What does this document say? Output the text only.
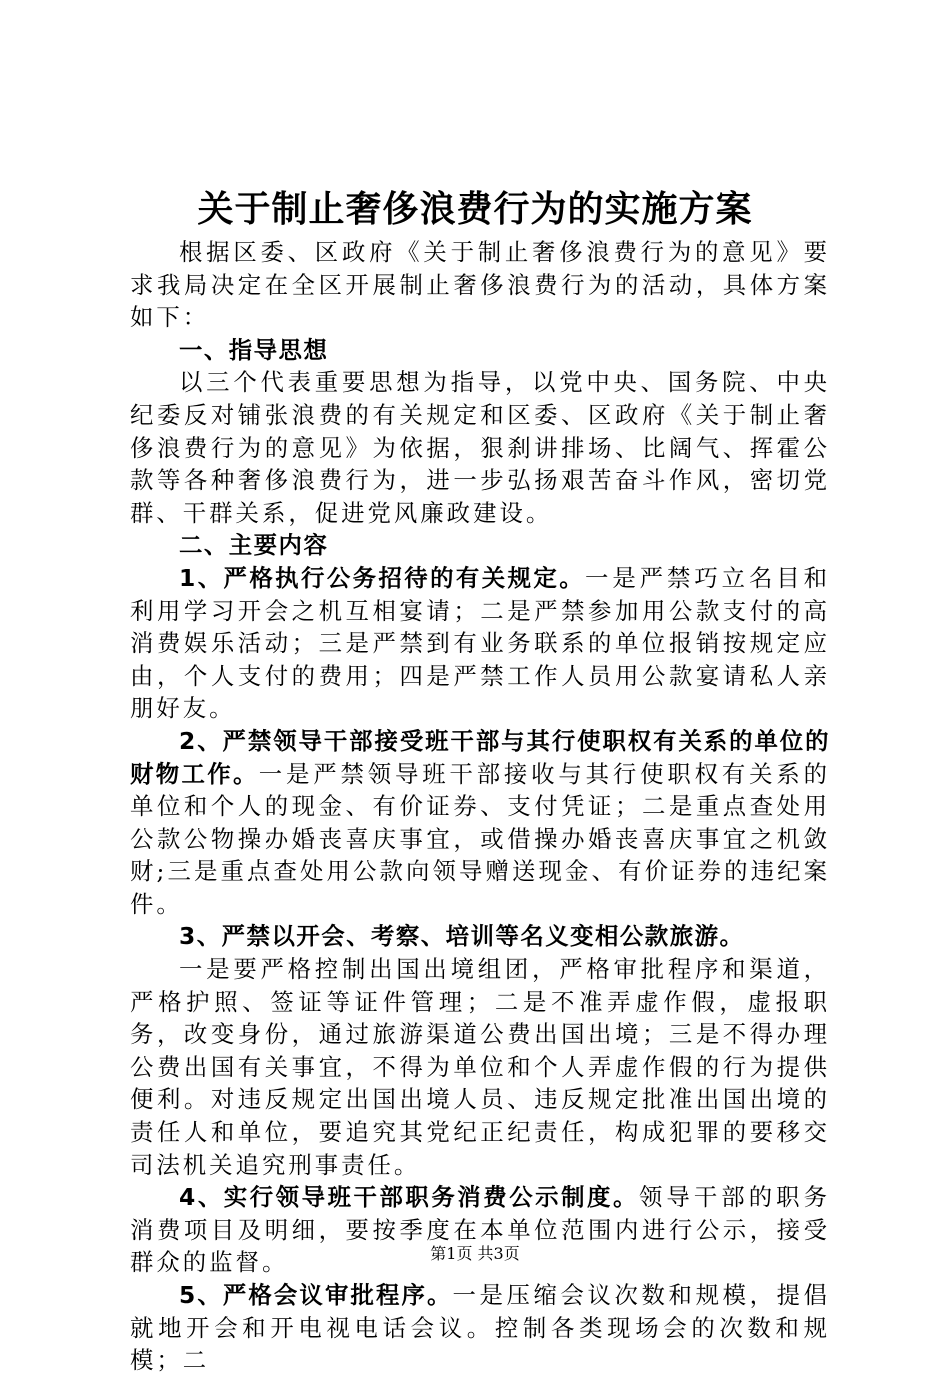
关于制止奢侈浪费行为的实施方案

根据区委、区政府《关于制止奢侈浪费行为的意见》要求我局决定在全区开展制止奢侈浪费行为的活动，具体方案如下：

一、指导思想

以三个代表重要思想为指导，以党中央、国务院、中央纪委反对铺张浪费的有关规定和区委、区政府《关于制止奢侈浪费行为的意见》为依据，狠刹讲排场、比阔气、挥霍公款等各种奢侈浪费行为，进一步弘扬艰苦奋斗作风，密切党群、干群关系，促进党风廉政建设。

二、主要内容

1、严格执行公务招待的有关规定。一是严禁巧立名目和利用学习开会之机互相宴请；二是严禁参加用公款支付的高消费娱乐活动；三是严禁到有业务联系的单位报销按规定应由，个人支付的费用；四是严禁工作人员用公款宴请私人亲朋好友。

2、严禁领导干部接受班干部与其行使职权有关系的单位的财物工作。一是严禁领导班干部接收与其行使职权有关系的单位和个人的现金、有价证券、支付凭证；二是重点查处用公款公物操办婚丧喜庆事宜，或借操办婚丧喜庆事宜之机敛财;三是重点查处用公款向领导赠送现金、有价证券的违纪案件。

3、严禁以开会、考察、培训等名义变相公款旅游。

一是要严格控制出国出境组团，严格审批程序和渠道，严格护照、签证等证件管理；二是不准弄虚作假，虚报职务，改变身份，通过旅游渠道公费出国出境；三是不得办理公费出国有关事宜，不得为单位和个人弄虚作假的行为提供便利。对违反规定出国出境人员、违反规定批准出国出境的责任人和单位，要追究其党纪正纪责任，构成犯罪的要移交司法机关追究刑事责任。

4、实行领导班干部职务消费公示制度。领导干部的职务消费项目及明细，要按季度在本单位范围内进行公示，接受群众的监督。

5、严格会议审批程序。一是压缩会议次数和规模，提倡就地开会和开电视电话会议。控制各类现场会的次数和规模；二

第1页 共3页
